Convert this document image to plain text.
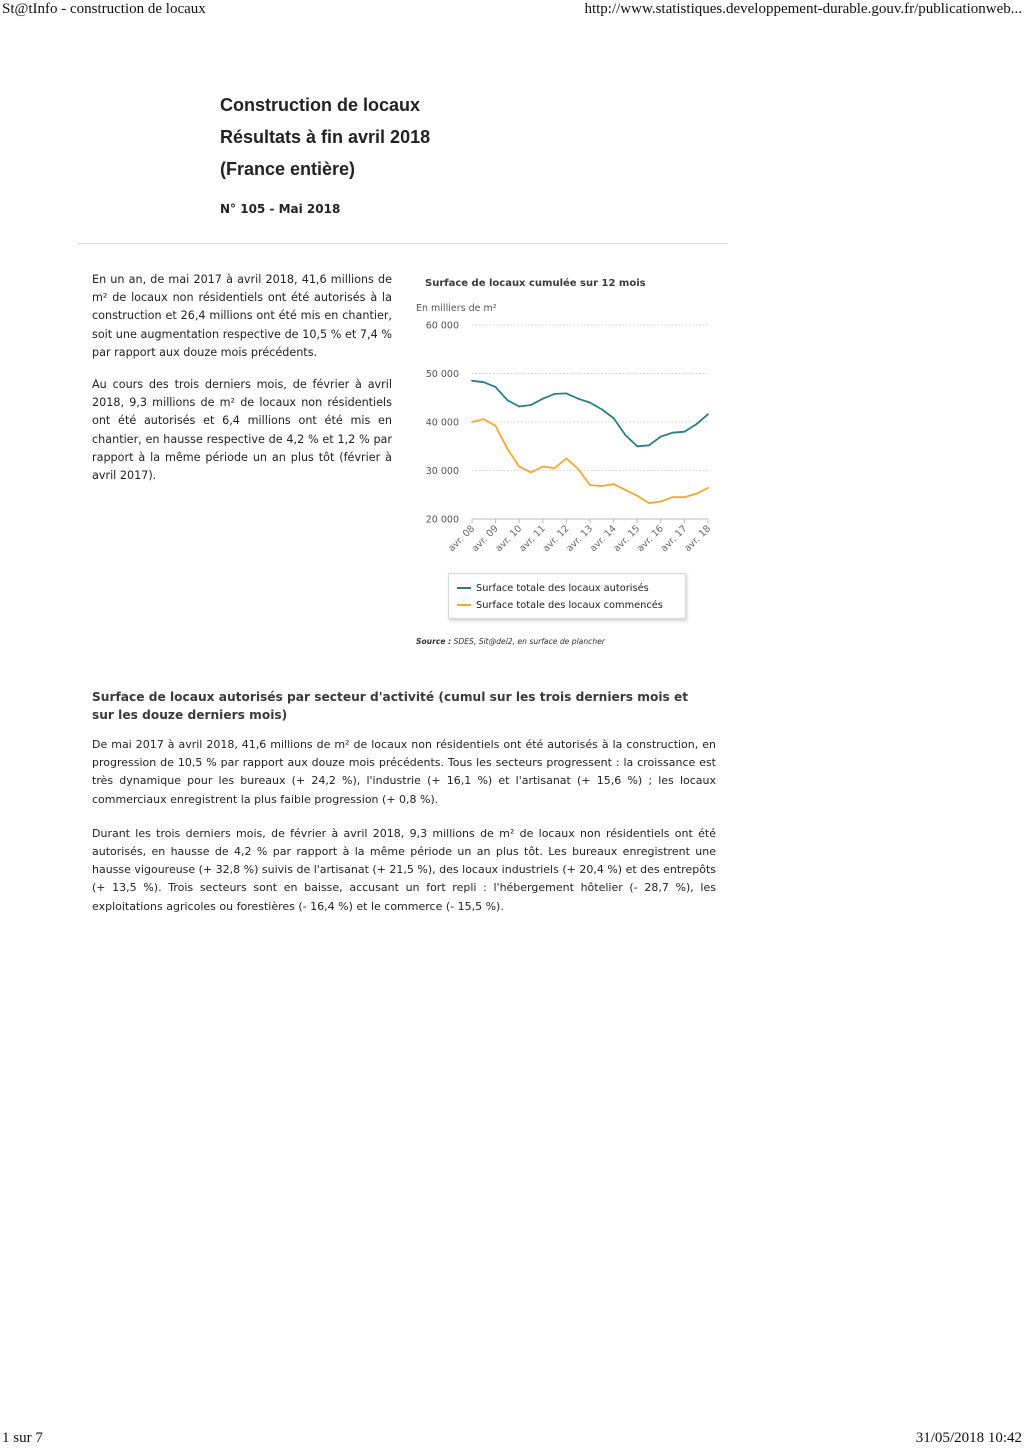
St@tInfo - construction de locaux	http://www.statistiques.developpement-durable.gouv.fr/publicationweb...
Construction de locaux
Résultats à fin avril 2018
(France entière)
N° 105 - Mai 2018

En un an, de mai 2017 à avril 2018, 41,6 millions de m² de locaux non résidentiels ont été autorisés à la construction et 26,4 millions ont été mis en chantier, soit une augmentation respective de 10,5 % et 7,4 % par rapport aux douze mois précédents.

Au cours des trois derniers mois, de février à avril 2018, 9,3 millions de m² de locaux non résidentiels ont été autorisés et 6,4 millions ont été mis en chantier, en hausse respective de 4,2 % et 1,2 % par rapport à la même période un an plus tôt (février à avril 2017).

Surface de locaux cumulée sur 12 mois
En milliers de m²
20 000
30 000
40 000
50 000
60 000
avr. 08
avr. 09
avr. 10
avr. 11
avr. 12
avr. 13
avr. 14
avr. 15
avr. 16
avr. 17
avr. 18
Surface totale des locaux autorisés
Surface totale des locaux commencés
Source : SDES, Sit@del2, en surface de plancher
Surface de locaux autorisés par secteur d'activité (cumul sur les trois derniers mois et sur les douze derniers mois)

De mai 2017 à avril 2018, 41,6 millions de m² de locaux non résidentiels ont été autorisés à la construction, en progression de 10,5 % par rapport aux douze mois précédents. Tous les secteurs progressent : la croissance est très dynamique pour les bureaux (+ 24,2 %), l'industrie (+ 16,1 %) et l'artisanat (+ 15,6 %) ; les locaux commerciaux enregistrent la plus faible progression (+ 0,8 %).

Durant les trois derniers mois, de février à avril 2018, 9,3 millions de m² de locaux non résidentiels ont été autorisés, en hausse de 4,2 % par rapport à la même période un an plus tôt. Les bureaux enregistrent une hausse vigoureuse (+ 32,8 %) suivis de l'artisanat (+ 21,5 %), des locaux industriels (+ 20,4 %) et des entrepôts (+ 13,5 %). Trois secteurs sont en baisse, accusant un fort repli : l'hébergement hôtelier (- 28,7 %), les exploitations agricoles ou forestières (- 16,4 %) et le commerce (- 15,5 %).

1 sur 7	31/05/2018 10:42
